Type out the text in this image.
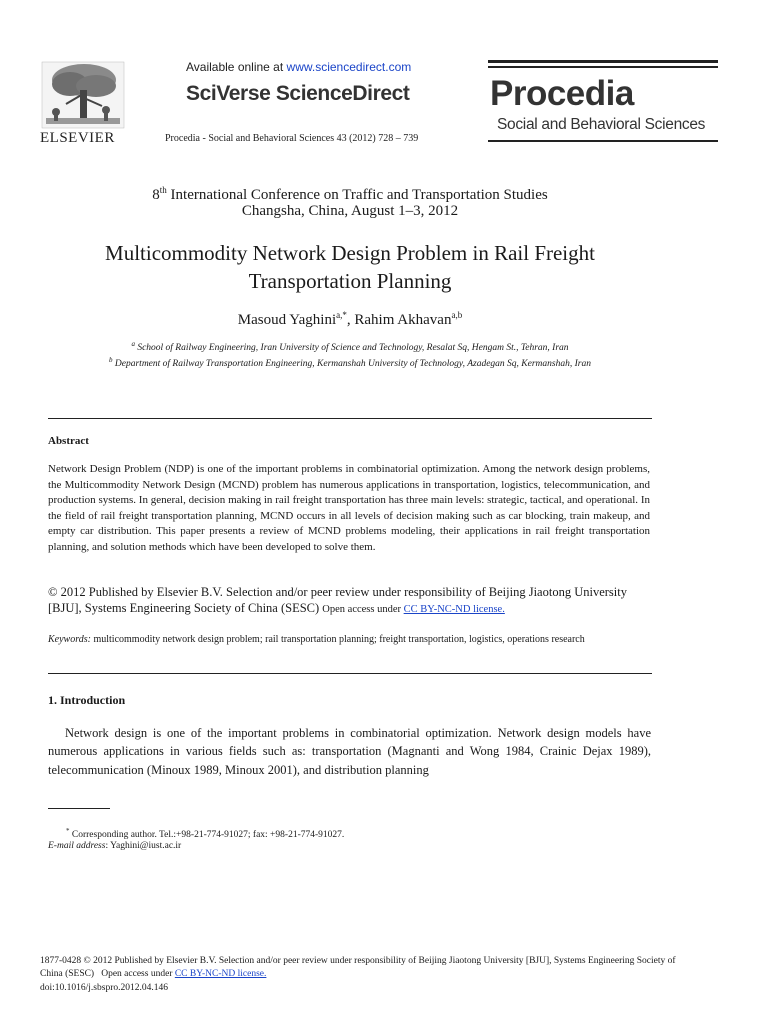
ELSEVIER
Available online at www.sciencedirect.com
SciVerse ScienceDirect
Procedia - Social and Behavioral Sciences 43 (2012) 728 – 739
Procedia
Social and Behavioral Sciences
8th International Conference on Traffic and Transportation Studies
Changsha, China, August 1–3, 2012
Multicommodity Network Design Problem in Rail Freight
Transportation Planning
Masoud Yaghini$^{a,*}$, Rahim Akhavan$^{a,b}$
$^a$ School of Railway Engineering, Iran University of Science and Technology, Resalat Sq, Hengam St., Tehran, Iran
$^b$ Department of Railway Transportation Engineering, Kermanshah University of Technology, Azadegan Sq, Kermanshah, Iran
Abstract
Network Design Problem (NDP) is one of the important problems in combinatorial optimization. Among the network design problems, the Multicommodity Network Design (MCND) problem has numerous applications in transportation, logistics, telecommunication, and production systems. In general, decision making in rail freight transportation has three main levels: strategic, tactical, and operational. In the field of rail freight transportation planning, MCND occurs in all levels of decision making such as car blocking, train makeup, and empty car distribution. This paper presents a review of MCND problems modeling, their applications in rail freight transportation planning, and solution methods which have been developed to solve them.
© 2012 Published by Elsevier B.V. Selection and/or peer review under responsibility of Beijing Jiaotong University [BJU], Systems Engineering Society of China (SESC) Open access under CC BY-NC-ND license.
Keywords: multicommodity network design problem; rail transportation planning; freight transportation, logistics, operations research
1. Introduction
Network design is one of the important problems in combinatorial optimization. Network design models have numerous applications in various fields such as: transportation (Magnanti and Wong 1984, Crainic Dejax 1989), telecommunication (Minoux 1989, Minoux 2001), and distribution planning
* Corresponding author. Tel.:+98-21-774-91027; fax: +98-21-774-91027.
E-mail address: Yaghini@iust.ac.ir
1877-0428 © 2012 Published by Elsevier B.V. Selection and/or peer review under responsibility of Beijing Jiaotong University [BJU], Systems Engineering Society of China (SESC)   Open access under CC BY-NC-ND license.
doi:10.1016/j.sbspro.2012.04.146
